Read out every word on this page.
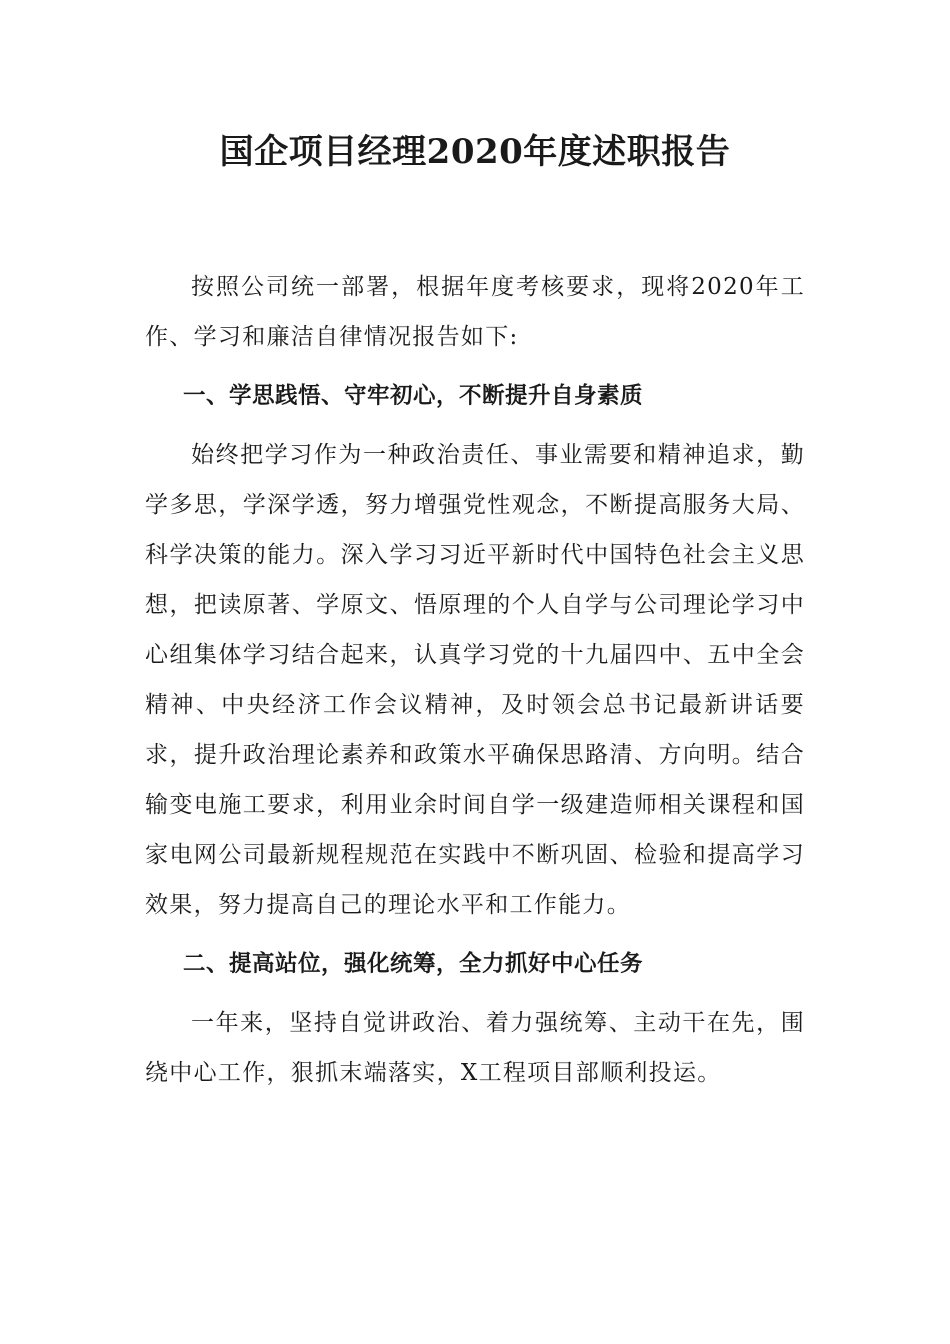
国企项目经理2020年度述职报告

按照公司统一部署，根据年度考核要求，现将2020年工作、学习和廉洁自律情况报告如下:

一、学思践悟、守牢初心，不断提升自身素质

始终把学习作为一种政治责任、事业需要和精神追求，勤学多思，学深学透，努力增强党性观念，不断提高服务大局、科学决策的能力。深入学习习近平新时代中国特色社会主义思想，把读原著、学原文、悟原理的个人自学与公司理论学习中心组集体学习结合起来，认真学习党的十九届四中、五中全会精神、中央经济工作会议精神，及时领会总书记最新讲话要求，提升政治理论素养和政策水平确保思路清、方向明。结合输变电施工要求，利用业余时间自学一级建造师相关课程和国家电网公司最新规程规范在实践中不断巩固、检验和提高学习效果，努力提高自己的理论水平和工作能力。

二、提高站位，强化统筹，全力抓好中心任务

一年来，坚持自觉讲政治、着力强统筹、主动干在先，围绕中心工作，狠抓末端落实，X工程项目部顺利投运。
